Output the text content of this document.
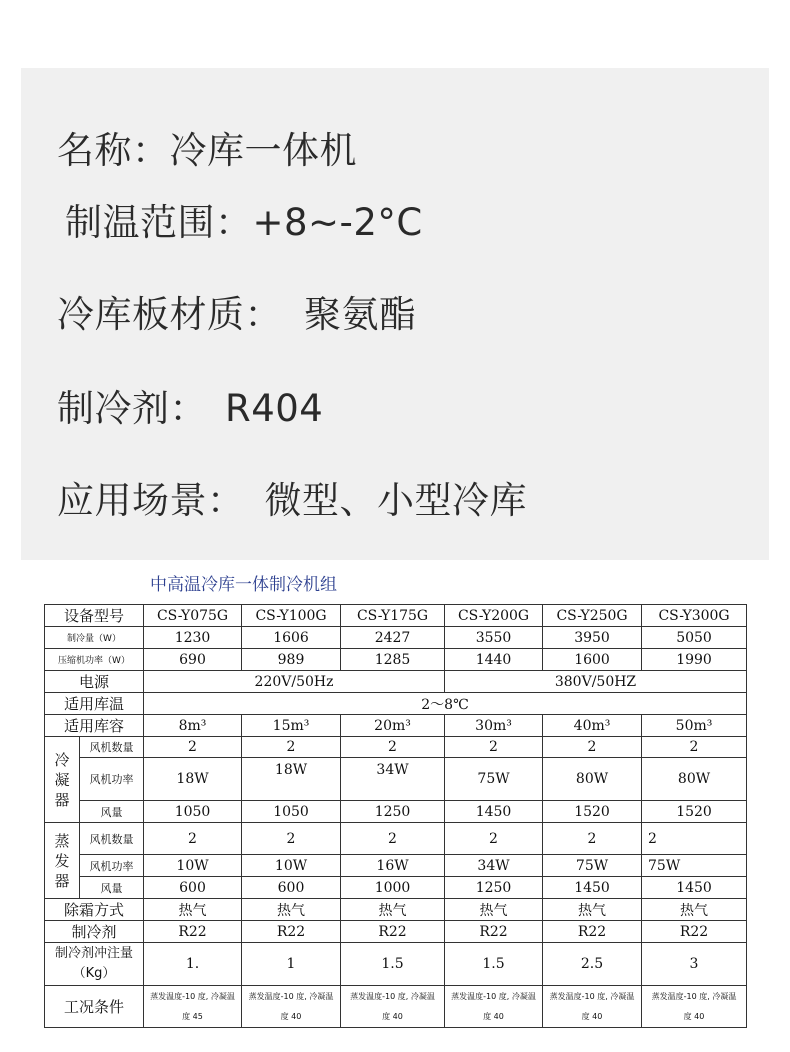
名称：冷库一体机
制温范围：+8~-2°C
冷库板材质： 聚氨酯
制冷剂： R404
应用场景： 微型、小型冷库
中高温冷库一体制冷机组
设备型号		CS-Y075G	CS-Y100G	CS-Y175G	CS-Y200G	CS-Y250G	CS-Y300G
制冷量（W）		1230	1606	2427	3550	3950	5050
压缩机功率（W）		690	989	1285	1440	1600	1990
电源		220V/50Hz			380V/50HZ		
适用库温		2～8℃					
适用库容		8m³	15m³	20m³	30m³	40m³	50m³

冷凝器	风机数量	2	2	2	2	2	2
	风机功率	18W	18W	34W	75W	80W	80W
	风量	1050	1050	1250	1450	1520	1520

蒸发器	风机数量	2	2	2	2	2	2
	风机功率	10W	10W	16W	34W	75W	75W
	风量	600	600	1000	1250	1450	1450
除霜方式		热气	热气	热气	热气	热气	热气
制冷剂		R22	R22	R22	R22	R22	R22

制冷剂冲注量（Kg）		1.	1	1.5	1.5	2.5	3
工况条件		蒸发温度-10 度, 冷凝温度 45	蒸发温度-10 度, 冷凝温度 40	蒸发温度-10 度, 冷凝温度 40	蒸发温度-10 度, 冷凝温度 40	蒸发温度-10 度, 冷凝温度 40	蒸发温度-10 度, 冷凝温度 40
